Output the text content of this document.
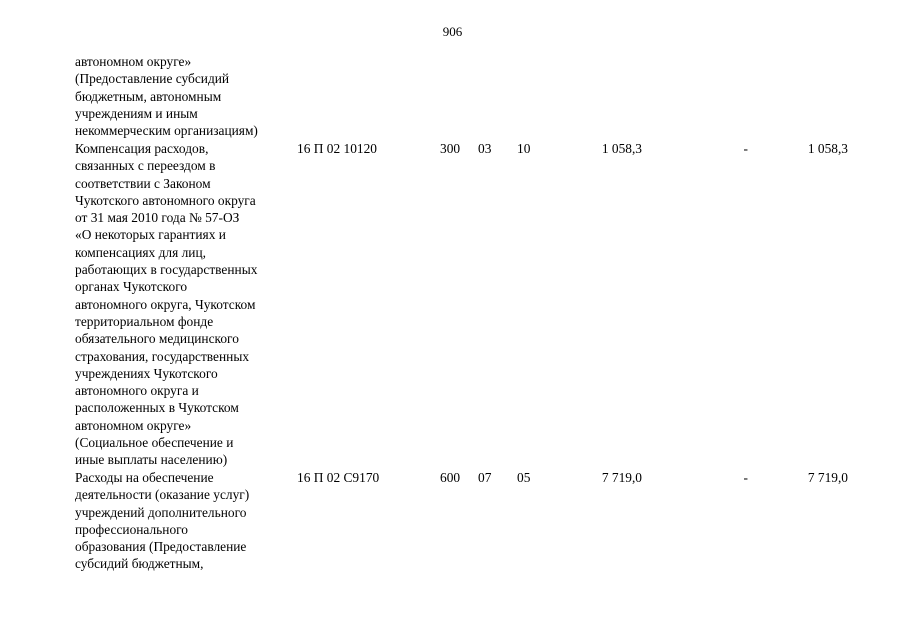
906
автономном округе»
(Предоставление субсидий
бюджетным, автономным
учреждениям и иным
некоммерческим организациям)
Компенсация расходов,
связанных с переездом в
соответствии с Законом
Чукотского автономного округа
от 31 мая 2010 года № 57-ОЗ
«О некоторых гарантиях и
компенсациях для лиц,
работающих в государственных
органах Чукотского
автономного округа, Чукотском
территориальном фонде
обязательного медицинского
страхования, государственных
учреждениях Чукотского
автономного округа и
расположенных в Чукотском
автономном округе»
(Социальное обеспечение и
иные выплаты населению)
16 П 02 10120	300 03 10	1 058,3	-	1 058,3
Расходы на обеспечение
деятельности (оказание услуг)
учреждений дополнительного
профессионального
образования (Предоставление
субсидий бюджетным,
16 П 02 С9170	600 07 05	7 719,0	-	7 719,0
